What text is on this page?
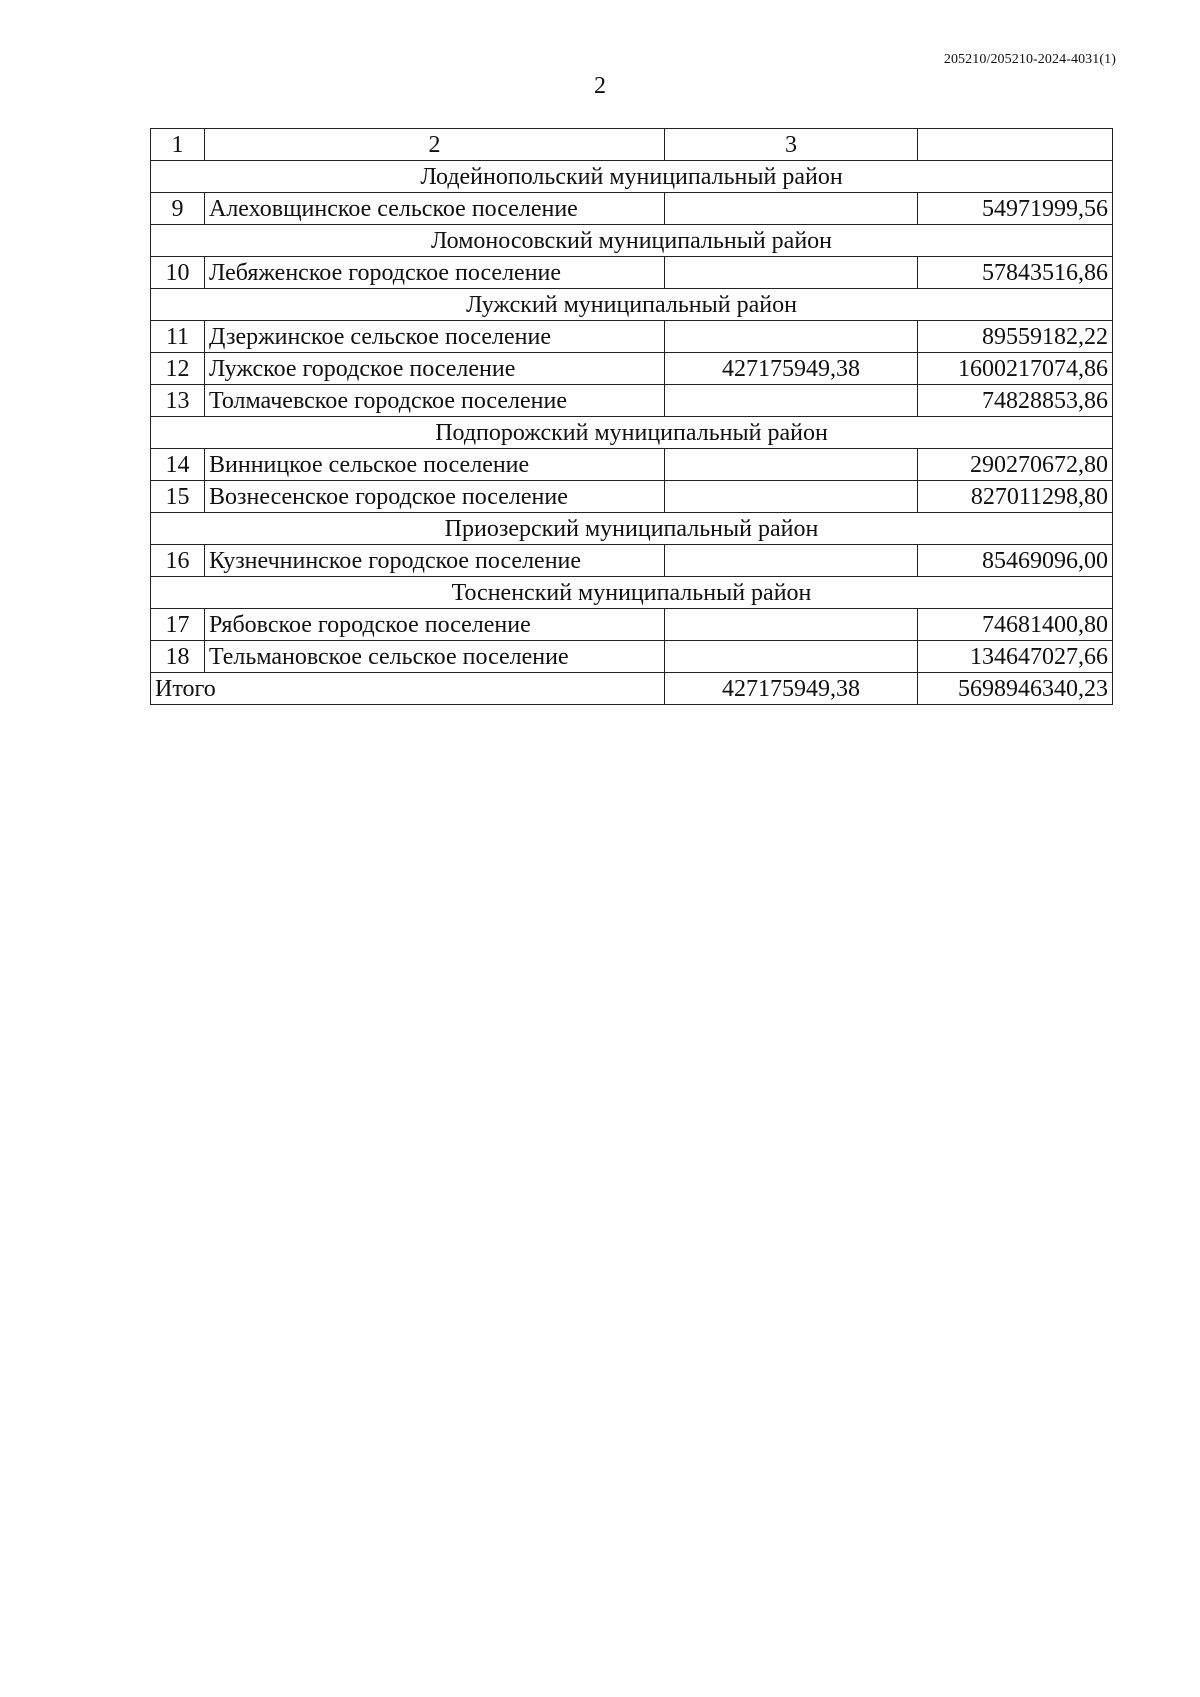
205210/205210-2024-4031(1)
2
1	2	3	
Лодейнопольский муниципальный район			
9	Алеховщинское сельское поселение		54971999,56
Ломоносовский муниципальный район			
10	Лебяженское городское поселение		57843516,86
Лужский муниципальный район			
11	Дзержинское сельское поселение		89559182,22
12	Лужское городское поселение	427175949,38	1600217074,86
13	Толмачевское городское поселение		74828853,86
Подпорожский муниципальный район			
14	Винницкое сельское поселение		290270672,80
15	Вознесенское городское поселение		827011298,80
Приозерский муниципальный район			
16	Кузнечнинское городское поселение		85469096,00
Тосненский муниципальный район			
17	Рябовское городское поселение		74681400,80
18	Тельмановское сельское поселение		134647027,66
Итого		427175949,38	5698946340,23
